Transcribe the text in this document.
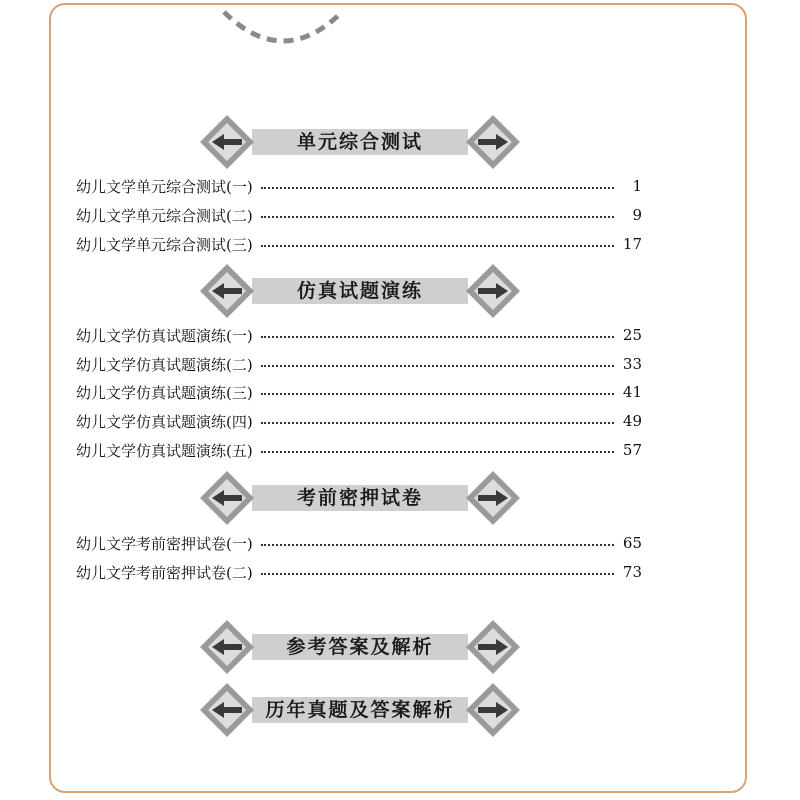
单元综合测试
幼儿文学单元综合测试(一)	1
幼儿文学单元综合测试(二)	9
幼儿文学单元综合测试(三)	17
仿真试题演练
幼儿文学仿真试题演练(一)	25
幼儿文学仿真试题演练(二)	33
幼儿文学仿真试题演练(三)	41
幼儿文学仿真试题演练(四)	49
幼儿文学仿真试题演练(五)	57
考前密押试卷
幼儿文学考前密押试卷(一)	65
幼儿文学考前密押试卷(二)	73
参考答案及解析
历年真题及答案解析
